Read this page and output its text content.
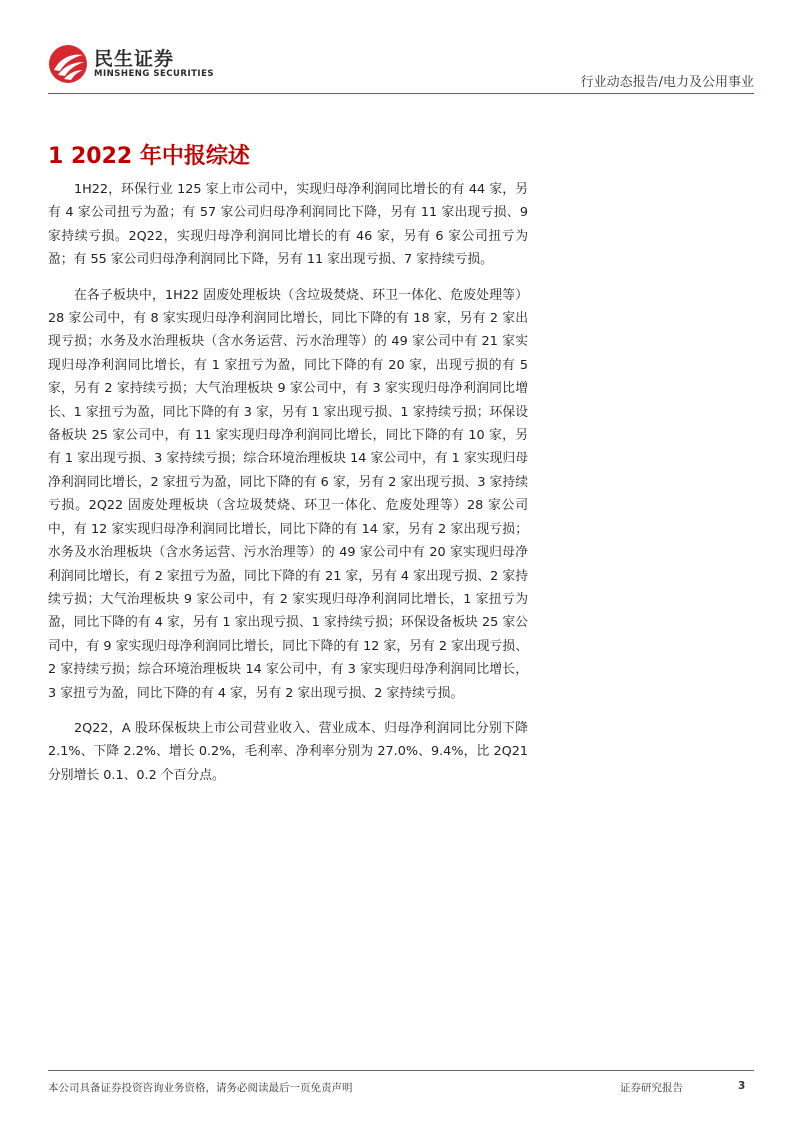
民生证券
MINSHENG SECURITIES
行业动态报告/电力及公用事业
1 2022 年中报综述

1H22，环保行业 125 家上市公司中，实现归母净利润同比增长的有 44 家，另有 4 家公司扭亏为盈；有 57 家公司归母净利润同比下降，另有 11 家出现亏损、9 家持续亏损。2Q22，实现归母净利润同比增长的有 46 家，另有 6 家公司扭亏为盈；有 55 家公司归母净利润同比下降，另有 11 家出现亏损、7 家持续亏损。

在各子板块中，1H22 固废处理板块（含垃圾焚烧、环卫一体化、危废处理等）28 家公司中，有 8 家实现归母净利润同比增长，同比下降的有 18 家，另有 2 家出现亏损；水务及水治理板块（含水务运营、污水治理等）的 49 家公司中有 21 家实现归母净利润同比增长，有 1 家扭亏为盈，同比下降的有 20 家，出现亏损的有 5 家，另有 2 家持续亏损；大气治理板块 9 家公司中，有 3 家实现归母净利润同比增长、1 家扭亏为盈，同比下降的有 3 家，另有 1 家出现亏损、1 家持续亏损；环保设备板块 25 家公司中，有 11 家实现归母净利润同比增长，同比下降的有 10 家，另有 1 家出现亏损、3 家持续亏损；综合环境治理板块 14 家公司中，有 1 家实现归母净利润同比增长，2 家扭亏为盈，同比下降的有 6 家，另有 2 家出现亏损、3 家持续亏损。2Q22 固废处理板块（含垃圾焚烧、环卫一体化、危废处理等）28 家公司中，有 12 家实现归母净利润同比增长，同比下降的有 14 家，另有 2 家出现亏损；水务及水治理板块（含水务运营、污水治理等）的 49 家公司中有 20 家实现归母净利润同比增长，有 2 家扭亏为盈，同比下降的有 21 家，另有 4 家出现亏损、2 家持续亏损；大气治理板块 9 家公司中，有 2 家实现归母净利润同比增长，1 家扭亏为盈，同比下降的有 4 家，另有 1 家出现亏损、1 家持续亏损；环保设备板块 25 家公司中，有 9 家实现归母净利润同比增长，同比下降的有 12 家，另有 2 家出现亏损、2 家持续亏损；综合环境治理板块 14 家公司中，有 3 家实现归母净利润同比增长，3 家扭亏为盈，同比下降的有 4 家，另有 2 家出现亏损、2 家持续亏损。

2Q22，A 股环保板块上市公司营业收入、营业成本、归母净利润同比分别下降 2.1%、下降 2.2%、增长 0.2%，毛利率、净利率分别为 27.0%、9.4%，比 2Q21 分别增长 0.1、0.2 个百分点。

本公司具备证券投资咨询业务资格，请务必阅读最后一页免责声明	证券研究报告	3
